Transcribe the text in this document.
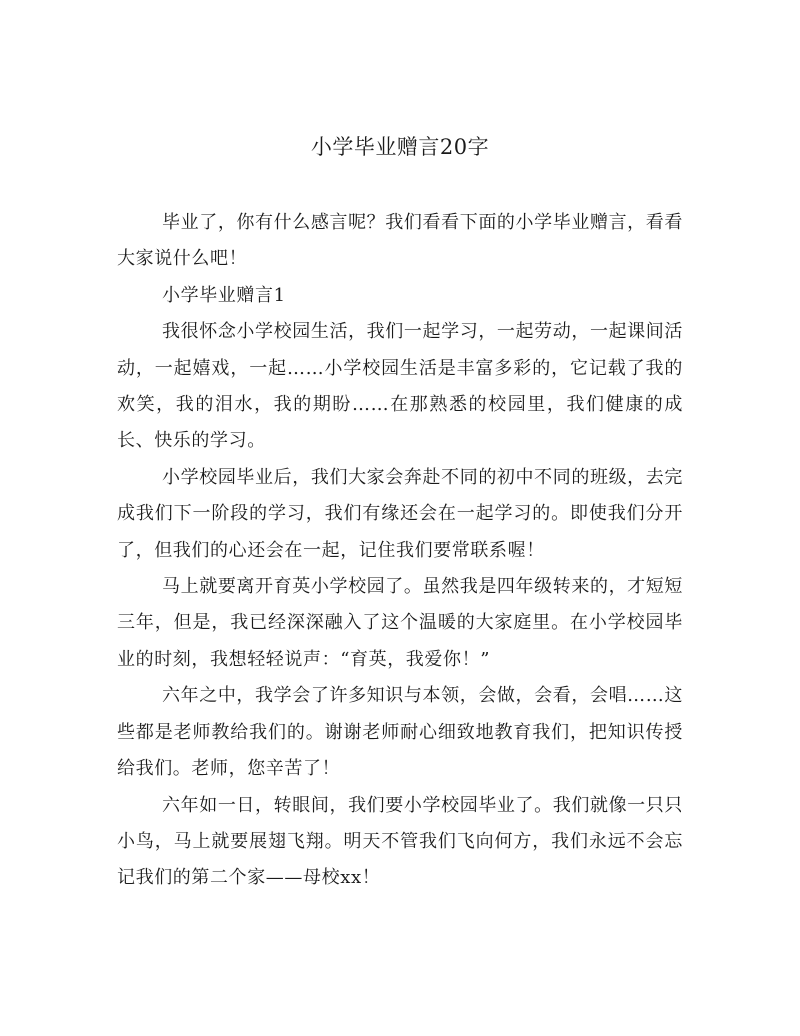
小学毕业赠言20字

毕业了，你有什么感言呢？我们看看下面的小学毕业赠言，看看大家说什么吧！

小学毕业赠言1

我很怀念小学校园生活，我们一起学习，一起劳动，一起课间活动，一起嬉戏，一起……小学校园生活是丰富多彩的，它记载了我的欢笑，我的泪水，我的期盼……在那熟悉的校园里，我们健康的成长、快乐的学习。

小学校园毕业后，我们大家会奔赴不同的初中不同的班级，去完成我们下一阶段的学习，我们有缘还会在一起学习的。即使我们分开了，但我们的心还会在一起，记住我们要常联系喔！

马上就要离开育英小学校园了。虽然我是四年级转来的，才短短三年，但是，我已经深深融入了这个温暖的大家庭里。在小学校园毕业的时刻，我想轻轻说声：“育英，我爱你！”

六年之中，我学会了许多知识与本领，会做，会看，会唱……这些都是老师教给我们的。谢谢老师耐心细致地教育我们，把知识传授给我们。老师，您辛苦了！

六年如一日，转眼间，我们要小学校园毕业了。我们就像一只只小鸟，马上就要展翅飞翔。明天不管我们飞向何方，我们永远不会忘记我们的第二个家——母校xx！
